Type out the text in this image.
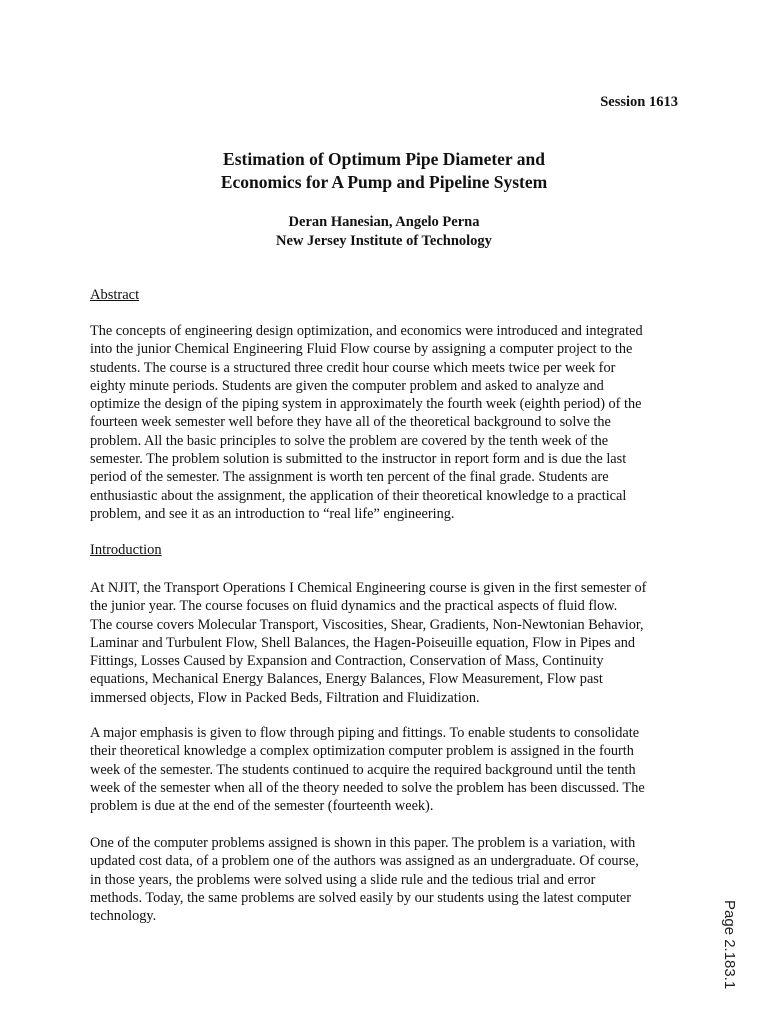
Session 1613
Estimation of Optimum Pipe Diameter and
Economics for A Pump and Pipeline System
Deran Hanesian, Angelo Perna
New Jersey Institute of Technology
Abstract
The concepts of engineering design optimization, and economics were introduced and integrated
into the junior Chemical Engineering Fluid Flow course by assigning a computer project to the
students. The course is a structured three credit hour course which meets twice per week for
eighty minute periods. Students are given the computer problem and asked to analyze and
optimize the design of the piping system in approximately the fourth week (eighth period) of the
fourteen week semester well before they have all of the theoretical background to solve the
problem. All the basic principles to solve the problem are covered by the tenth week of the
semester. The problem solution is submitted to the instructor in report form and is due the last
period of the semester. The assignment is worth ten percent of the final grade. Students are
enthusiastic about the assignment, the application of their theoretical knowledge to a practical
problem, and see it as an introduction to “real life” engineering.
Introduction
At NJIT, the Transport Operations I Chemical Engineering course is given in the first semester of
the junior year. The course focuses on fluid dynamics and the practical aspects of fluid flow.
The course covers Molecular Transport, Viscosities, Shear, Gradients, Non-Newtonian Behavior,
Laminar and Turbulent Flow, Shell Balances, the Hagen-Poiseuille equation, Flow in Pipes and
Fittings, Losses Caused by Expansion and Contraction, Conservation of Mass, Continuity
equations, Mechanical Energy Balances, Energy Balances, Flow Measurement, Flow past
immersed objects, Flow in Packed Beds, Filtration and Fluidization.
A major emphasis is given to flow through piping and fittings. To enable students to consolidate
their theoretical knowledge a complex optimization computer problem is assigned in the fourth
week of the semester. The students continued to acquire the required background until the tenth
week of the semester when all of the theory needed to solve the problem has been discussed. The
problem is due at the end of the semester (fourteenth week).
One of the computer problems assigned is shown in this paper. The problem is a variation, with
updated cost data, of a problem one of the authors was assigned as an undergraduate. Of course,
in those years, the problems were solved using a slide rule and the tedious trial and error
methods. Today, the same problems are solved easily by our students using the latest computer
technology.	Page 2.183.1
